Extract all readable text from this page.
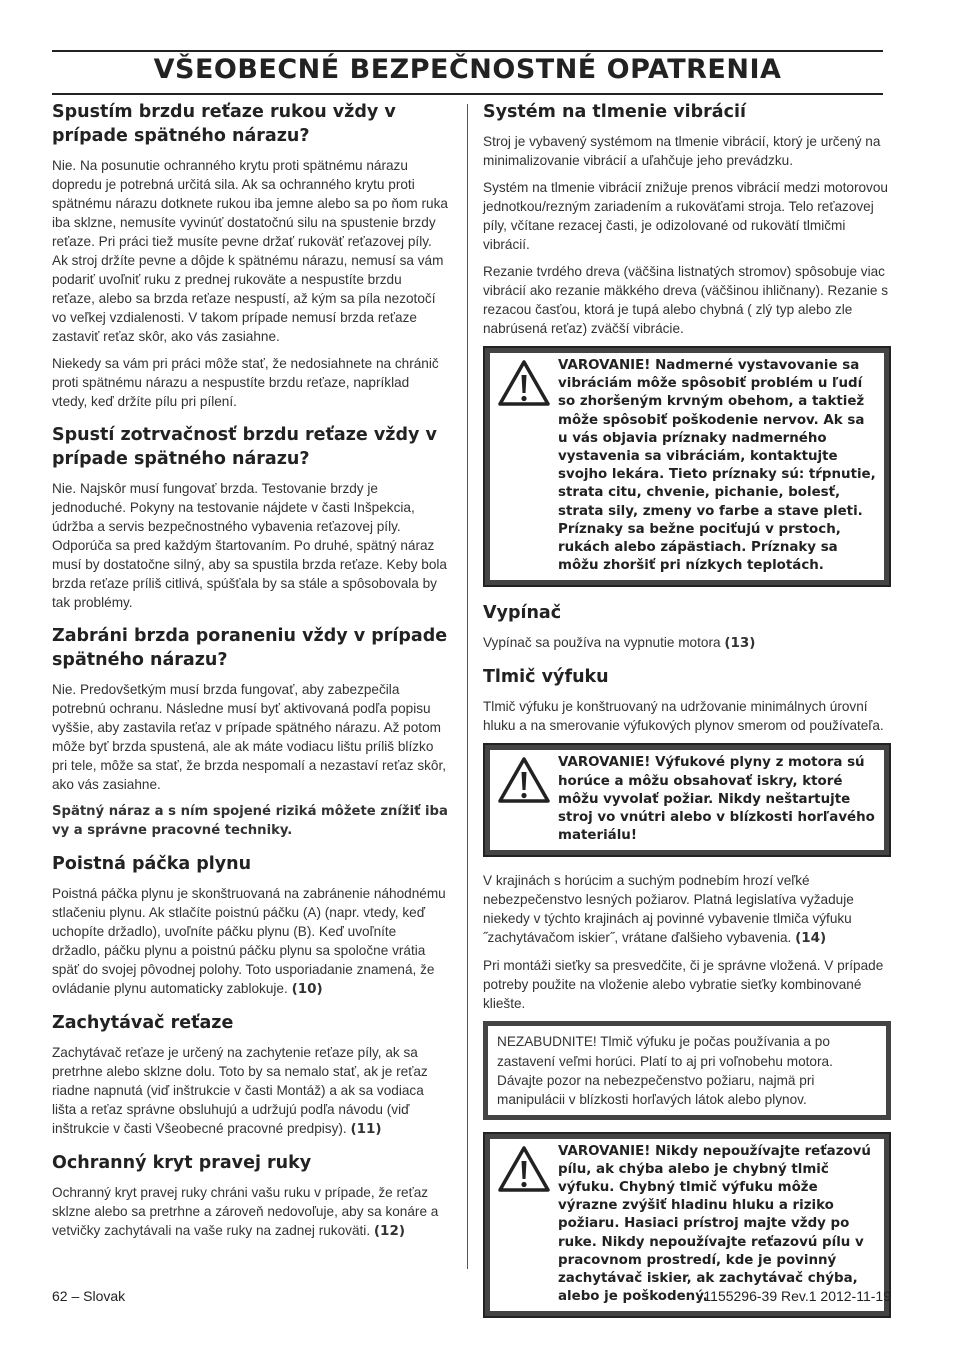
VŠEOBECNÉ BEZPEČNOSTNÉ OPATRENIA
Spustím brzdu reťaze rukou vždy v prípade spätného nárazu?

Nie. Na posunutie ochranného krytu proti spätnému nárazu dopredu je potrebná určitá sila. Ak sa ochranného krytu proti spätnému nárazu dotknete rukou iba jemne alebo sa po ňom ruka iba sklzne, nemusíte vyvinúť dostatočnú silu na spustenie brzdy reťaze. Pri práci tiež musíte pevne držať rukoväť reťazovej píly. Ak stroj držíte pevne a dôjde k spätnému nárazu, nemusí sa vám podariť uvoľniť ruku z prednej rukoväte a nespustíte brzdu reťaze, alebo sa brzda reťaze nespustí, až kým sa píla nezotočí vo veľkej vzdialenosti. V takom prípade nemusí brzda reťaze zastaviť reťaz skôr, ako vás zasiahne.

Niekedy sa vám pri práci môže stať, že nedosiahnete na chránič proti spätnému nárazu a nespustíte brzdu reťaze, napríklad vtedy, keď držíte pílu pri pílení.

Spustí zotrvačnosť brzdu reťaze vždy v prípade spätného nárazu?

Nie. Najskôr musí fungovať brzda. Testovanie brzdy je jednoduché. Pokyny na testovanie nájdete v časti Inšpekcia, údržba a servis bezpečnostného vybavenia reťazovej píly. Odporúča sa pred každým štartovaním. Po druhé, spätný náraz musí by dostatočne silný, aby sa spustila brzda reťaze. Keby bola brzda reťaze príliš citlivá, spúšťala by sa stále a spôsobovala by tak problémy.

Zabráni brzda poraneniu vždy v prípade spätného nárazu?

Nie. Predovšetkým musí brzda fungovať, aby zabezpečila potrebnú ochranu. Následne musí byť aktivovaná podľa popisu vyššie, aby zastavila reťaz v prípade spätného nárazu. Až potom môže byť brzda spustená, ale ak máte vodiacu lištu príliš blízko pri tele, môže sa stať, že brzda nespomalí a nezastaví reťaz skôr, ako vás zasiahne.

Spätný náraz a s ním spojené riziká môžete znížiť iba vy a správne pracovné techniky.

Poistná páčka plynu

Poistná páčka plynu je skonštruovaná na zabránenie náhodnému stlačeniu plynu. Ak stlačíte poistnú páčku (A) (napr. vtedy, keď uchopíte držadlo), uvoľníte páčku plynu (B). Keď uvoľníte držadlo, páčku plynu a poistnú páčku plynu sa spoločne vrátia späť do svojej pôvodnej polohy. Toto usporiadanie znamená, že ovládanie plynu automaticky zablokuje. (10)

Zachytávač reťaze

Zachytávač reťaze je určený na zachytenie reťaze píly, ak sa pretrhne alebo sklzne dolu. Toto by sa nemalo stať, ak je reťaz riadne napnutá (viď inštrukcie v časti Montáž) a ak sa vodiaca lišta a reťaz správne obsluhujú a udržujú podľa návodu (viď inštrukcie v časti Všeobecné pracovné predpisy). (11)

Ochranný kryt pravej ruky

Ochranný kryt pravej ruky chráni vašu ruku v prípade, že reťaz sklzne alebo sa pretrhne a zároveň nedovoľuje, aby sa konáre a vetvičky zachytávali na vaše ruky na zadnej rukoväti. (12)

Systém na tlmenie vibrácií

Stroj je vybavený systémom na tlmenie vibrácií, ktorý je určený na minimalizovanie vibrácií a uľahčuje jeho prevádzku.

Systém na tlmenie vibrácií znižuje prenos vibrácií medzi motorovou jednotkou/rezným zariadením a rukoväťami stroja. Telo reťazovej píly, včítane rezacej časti, je odizolované od rukovätí tlmičmi vibrácií.

Rezanie tvrdého dreva (väčšina listnatých stromov) spôsobuje viac vibrácií ako rezanie mäkkého dreva (väčšinou ihličnany). Rezanie s rezacou časťou, ktorá je tupá alebo chybná ( zlý typ alebo zle nabrúsená reťaz) zväčší vibrácie.

VAROVANIE! Nadmerné vystavovanie sa vibráciám môže spôsobiť problém u ľudí so zhoršeným krvným obehom, a taktiež môže spôsobiť poškodenie nervov. Ak sa u vás objavia príznaky nadmerného vystavenia sa vibráciám, kontaktujte svojho lekára. Tieto príznaky sú: tŕpnutie, strata citu, chvenie, pichanie, bolesť, strata sily, zmeny vo farbe a stave pleti. Príznaky sa bežne pociťujú v prstoch, rukách alebo zápästiach. Príznaky sa môžu zhoršiť pri nízkych teplotách.
Vypínač

Vypínač sa používa na vypnutie motora (13)

Tlmič výfuku

Tlmič výfuku je konštruovaný na udržovanie minimálnych úrovní hluku a na smerovanie výfukových plynov smerom od používateľa.

VAROVANIE! Výfukové plyny z motora sú horúce a môžu obsahovať iskry, ktoré môžu vyvolať požiar. Nikdy neštartujte stroj vo vnútri alebo v blízkosti horľavého materiálu!

V krajinách s horúcim a suchým podnebím hrozí veľké nebezpečenstvo lesných požiarov. Platná legislatíva vyžaduje niekedy v týchto krajinách aj povinné vybavenie tlmiča výfuku ˝zachytávačom iskier˝, vrátane ďalšieho vybavenia. (14)

Pri montáži sieťky sa presvedčite, či je správne vložená. V prípade potreby použite na vloženie alebo vybratie sieťky kombinované kliešte.

NEZABUDNITE! Tlmič výfuku je počas používania a po zastavení veľmi horúci. Platí to aj pri voľnobehu motora. Dávajte pozor na nebezpečenstvo požiaru, najmä pri manipulácii v blízkosti horľavých látok alebo plynov.
VAROVANIE! Nikdy nepoužívajte reťazovú pílu, ak chýba alebo je chybný tlmič výfuku. Chybný tlmič výfuku môže výrazne zvýšiť hladinu hluku a riziko požiaru. Hasiaci prístroj majte vždy po ruke. Nikdy nepoužívajte reťazovú pílu v pracovnom prostredí, kde je povinný zachytávač iskier, ak zachytávač chýba, alebo je poškodený.
62 – Slovak	1155296-39 Rev.1 2012-11-19
